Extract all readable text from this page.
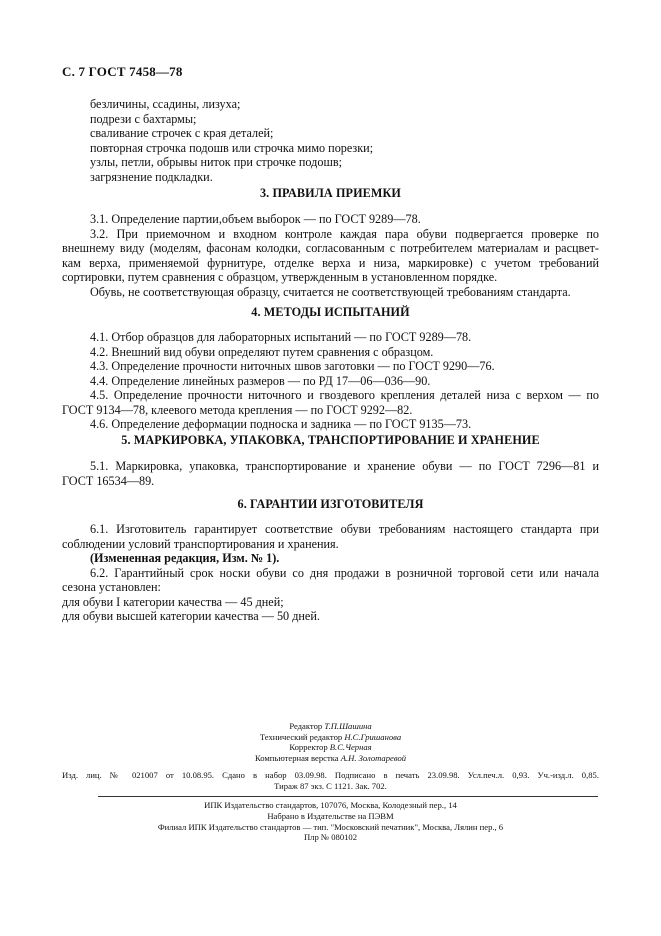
С. 7 ГОСТ 7458—78
безличины, ссадины, лизуха;
подрези с бахтармы;
сваливание строчек с края деталей;
повторная строчка подошв или строчка мимо порезки;
узлы, петли, обрывы ниток при строчке подошв;
загрязнение подкладки.
3. ПРАВИЛА ПРИЕМКИ
3.1. Определение партии,объем выборок — по ГОСТ 9289—78.
3.2. При приемочном и входном контроле каждая пара обуви подвергается проверке по
внешнему виду (моделям, фасонам колодки, согласованным с потребителем материалам и расцвет-
кам верха, применяемой фурнитуре, отделке верха и низа, маркировке) с учетом требований
сортировки, путем сравнения с образцом, утвержденным в установленном порядке.
Обувь, не соответствующая образцу, считается не соответствующей требованиям стандарта.
4. МЕТОДЫ ИСПЫТАНИЙ
4.1. Отбор образцов для лабораторных испытаний — по ГОСТ 9289—78.
4.2. Внешний вид обуви определяют путем сравнения с образцом.
4.3. Определение прочности ниточных швов заготовки — по ГОСТ 9290—76.
4.4. Определение линейных размеров — по РД 17—06—036—90.
4.5. Определение прочности ниточного и гвоздевого крепления деталей низа с верхом — по
ГОСТ 9134—78, клеевого метода крепления — по ГОСТ 9292—82.
4.6. Определение деформации подноска и задника — по ГОСТ 9135—73.
5. МАРКИРОВКА, УПАКОВКА, ТРАНСПОРТИРОВАНИЕ И ХРАНЕНИЕ
5.1. Маркировка, упаковка, транспортирование и хранение обуви — по ГОСТ 7296—81 и
ГОСТ 16534—89.
6. ГАРАНТИИ ИЗГОТОВИТЕЛЯ
6.1. Изготовитель гарантирует соответствие обуви требованиям настоящего стандарта при
соблюдении условий транспортирования и хранения.
(Измененная редакция, Изм. № 1).
6.2. Гарантийный срок носки обуви со дня продажи в розничной торговой сети или начала
сезона установлен:
для обуви I категории качества — 45 дней;
для обуви высшей категории качества — 50 дней.
Редактор Т.П.Шашина
Технический редактор Н.С.Гришанова
Корректор В.С.Черная
Компьютерная верстка А.Н. Золотаревой
Изд. лиц. № 021007 от 10.08.95. Сдано в набор 03.09.98. Подписано в печать 23.09.98. Усл.печ.л. 0,93. Уч.-изд.л. 0,85.
Тираж 87 экз. С 1121. Зак. 702.
ИПК Издательство стандартов, 107076, Москва, Колодезный пер., 14
Набрано в Издательстве на ПЭВМ
Филиал ИПК Издательство стандартов — тип. "Московский печатник", Москва, Лялин пер., 6
Плр № 080102
